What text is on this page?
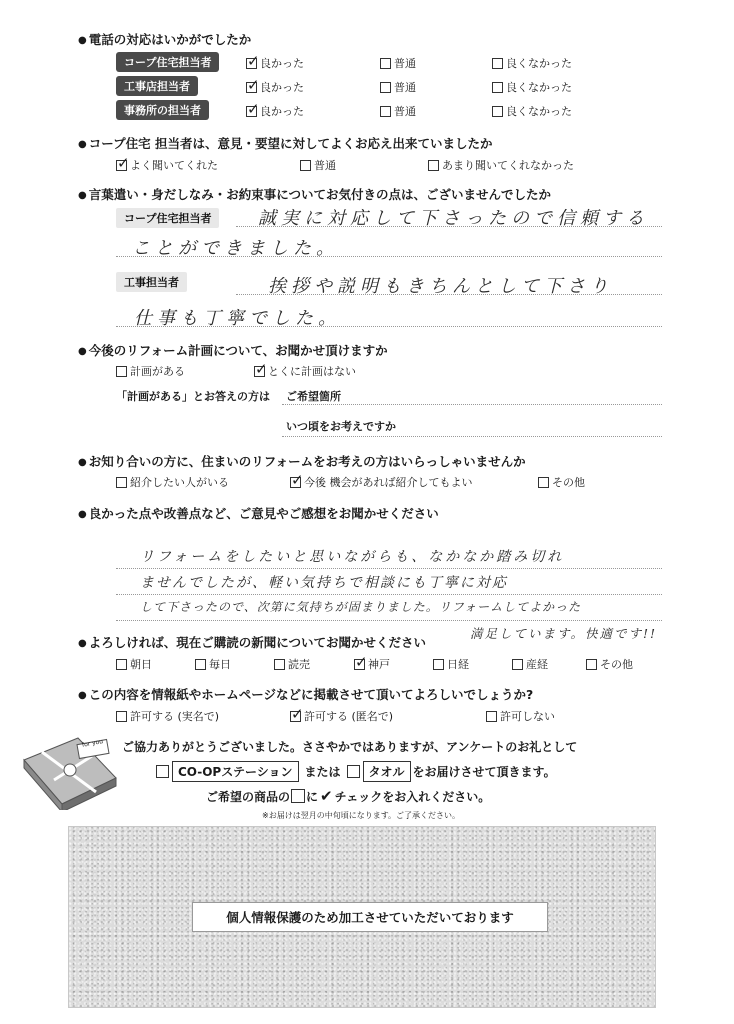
● 電話の対応はいかがでしたか
コープ住宅担当者 ✓	良かった	普通	良くなかった
工事店担当者 ✓	良かった	普通	良くなかった
事務所の担当者 ✓	良かった	普通	良くなかった
● コープ住宅 担当者は、意見・要望に対してよくお応え出来ていましたか
✓
よく聞いてくれた	普通	あまり聞いてくれなかった
● 言葉遣い・身だしなみ・お約束事についてお気付きの点は、ございませんでしたか
コープ住宅担当者	誠実に対応して下さったので信頼する
ことができました。
工事担当者	挨拶や説明もきちんとして下さり
仕事も丁寧でした。
● 今後のリフォーム計画について、お聞かせ頂けますか
計画がある ✓	とくに計画はない
「計画がある」とお答えの方は ご希望箇所
いつ頃をお考えですか
● お知り合いの方に、住まいのリフォームをお考えの方はいらっしゃいませんか
紹介したい人がいる ✓	今後 機会があれば紹介してもよい	その他
● 良かった点や改善点など、ご意見やご感想をお聞かせください
リフォームをしたいと思いながらも、なかなか踏み切れ
ませんでしたが、軽い気持ちで相談にも丁寧に対応
して下さったので、次第に気持ちが固まりました。リフォームしてよかった
満足しています。快適です!!
● よろしければ、現在ご購読の新聞についてお聞かせください
朝日	毎日	読売 ✓	神戸	日経	産経	その他
● この内容を情報紙やホームページなどに掲載させて頂いてよろしいでしょうか?
許可する (実名で) ✓	許可する (匿名で)	許可しない
for you ご協力ありがとうございました。ささやかではありますが、アンケートのお礼として
CO-OPステーション	または	タオル をお届けさせて頂きます。
ご希望の商品の に ✔ チェックをお入れください。
※お届けは翌月の中旬頃になります。ご了承ください。
個人情報保護のため加工させていただいております
